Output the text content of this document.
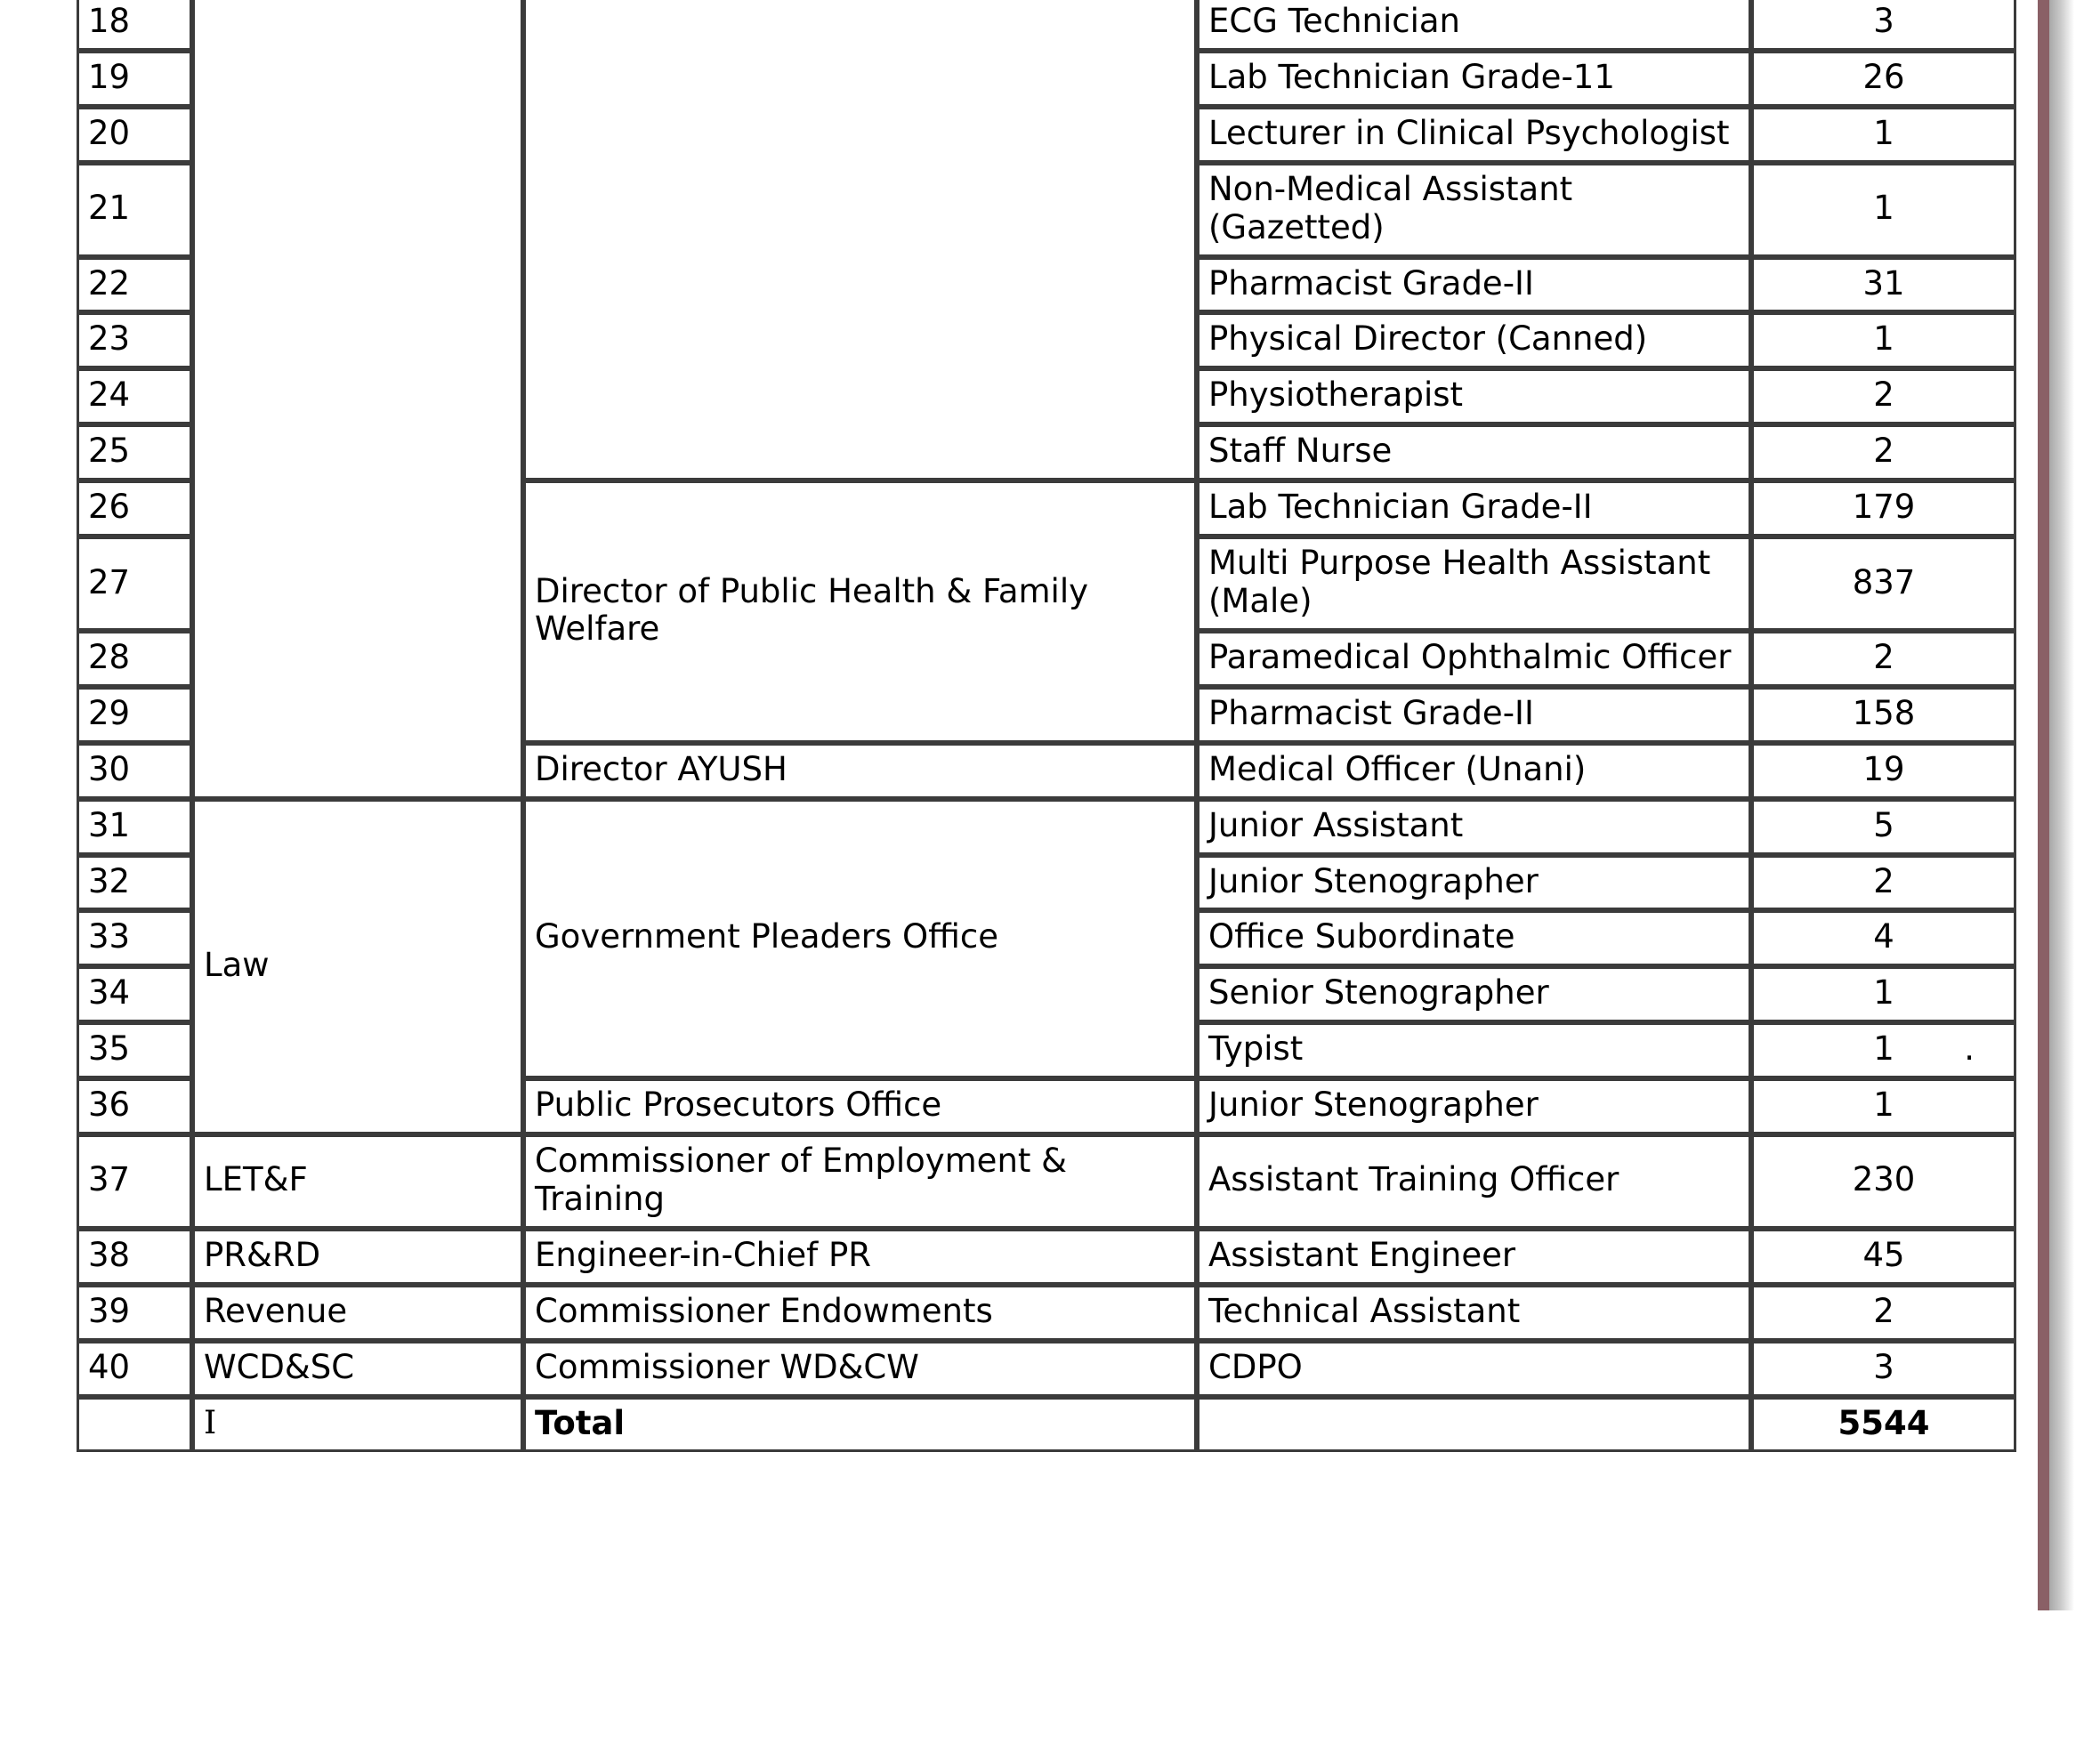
18			ECG Technician	3
19			Lab Technician Grade-11	26
20			Lecturer in Clinical Psychologist	1
21			Non-Medical Assistant (Gazetted)	1
22			Pharmacist Grade-II	31
23			Physical Director (Canned)	1
24			Physiotherapist	2
25			Staff Nurse	2
26		Director of Public Health & Family Welfare	Lab Technician Grade-II	179
27			Multi Purpose Health Assistant (Male)	837
28			Paramedical Ophthalmic Officer	2
29			Pharmacist Grade-II	158
30		Director AYUSH	Medical Officer (Unani)	19
31	Law	Government Pleaders Office	Junior Assistant	5
32			Junior Stenographer	2
33			Office Subordinate	4
34			Senior Stenographer	1
35			Typist	1 .

36		Public Prosecutors Office	Junior Stenographer	1
37	LET&F	Commissioner of Employment & Training	Assistant Training Officer	230
38	PR&RD	Engineer-in-Chief PR	Assistant Engineer	45
39	Revenue	Commissioner Endowments	Technical Assistant	2
40	WCD&SC	Commissioner WD&CW	CDPO	3
	I	Total		5544
